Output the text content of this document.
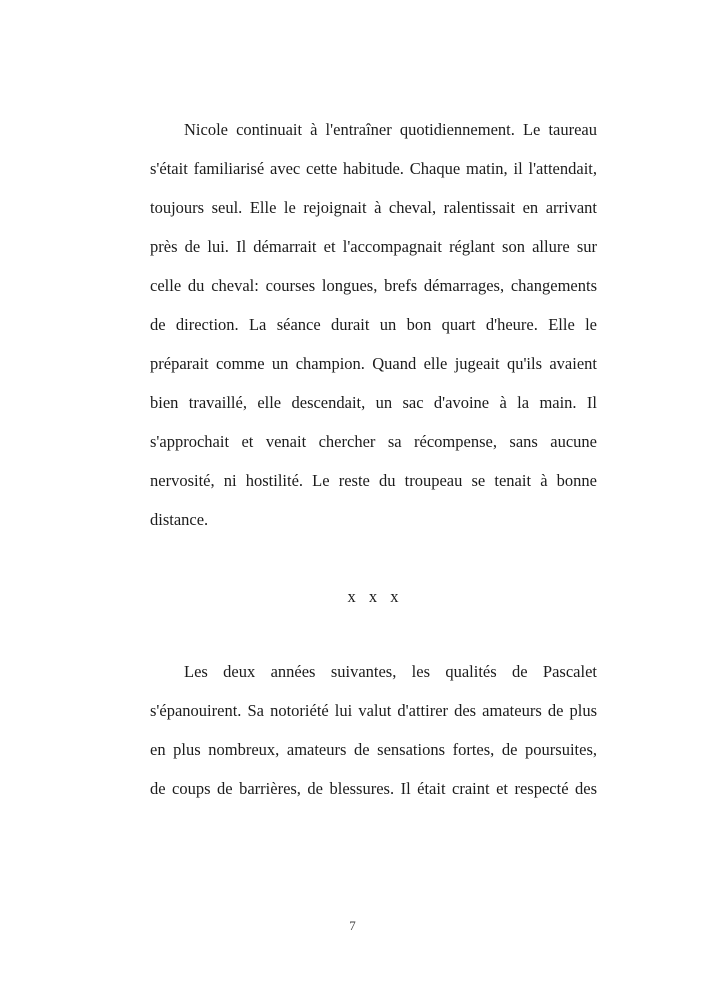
Nicole continuait à l'entraîner quotidiennement. Le taureau
s'était familiarisé avec cette habitude. Chaque matin, il l'attendait,
toujours seul. Elle le rejoignait à cheval, ralentissait en arrivant
près de lui. Il démarrait et l'accompagnait réglant son allure sur
celle du cheval: courses longues, brefs démarrages, changements
de direction. La séance durait un bon quart d'heure. Elle le
préparait comme un champion. Quand elle jugeait qu'ils avaient
bien travaillé, elle descendait, un sac d'avoine à la main. Il
s'approchait et venait chercher sa récompense, sans aucune
nervosité, ni hostilité. Le reste du troupeau se tenait à bonne
distance.
x x x
Les deux années suivantes, les qualités de Pascalet
s'épanouirent. Sa notoriété lui valut d'attirer des amateurs de plus
en plus nombreux, amateurs de sensations fortes, de poursuites,
de coups de barrières, de blessures. Il était craint et respecté des
7
